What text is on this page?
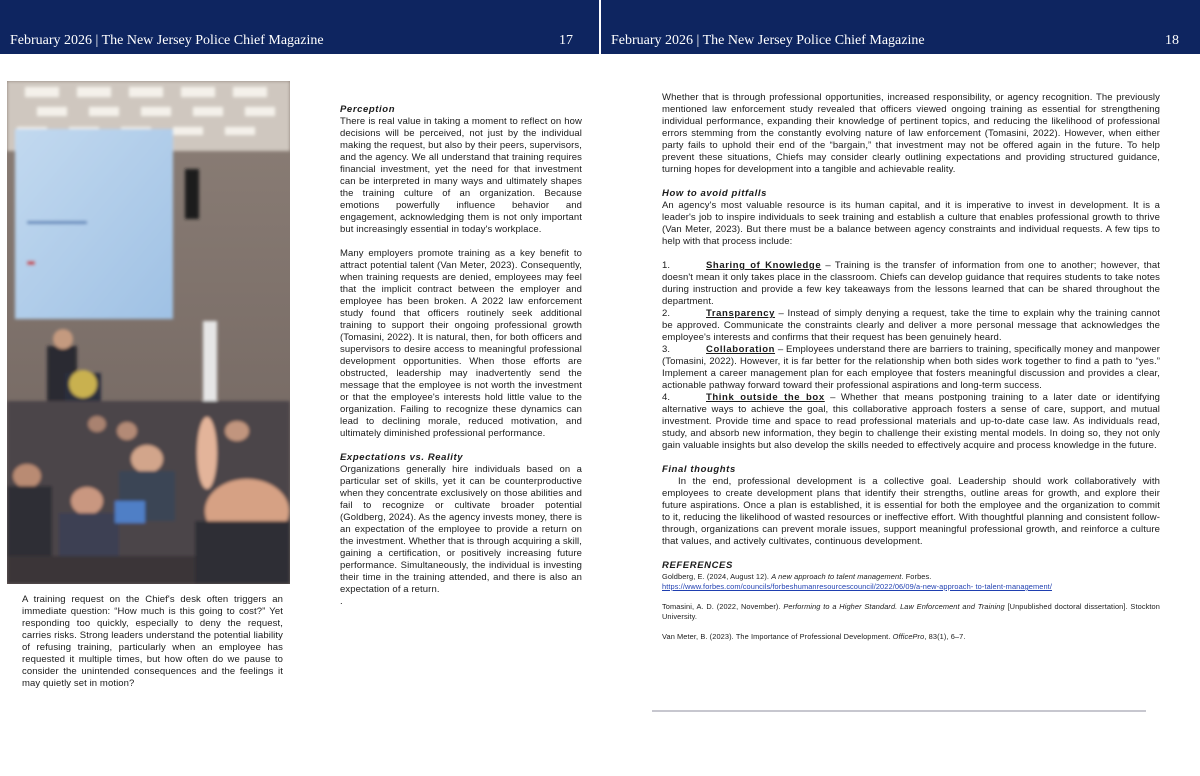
February 2026 | The New Jersey Police Chief Magazine	17	February 2026 | The New Jersey Police Chief Magazine	18

A training request on the Chief's desk often triggers an immediate question: “How much is this going to cost?” Yet responding too quickly, especially to deny the request, carries risks. Strong leaders understand the potential liability of refusing training, particularly when an employee has requested it multiple times, but how often do we pause to consider the unintended consequences and the feelings it may quietly set in motion?

Perception

There is real value in taking a moment to reflect on how decisions will be perceived, not just by the individual making the request, but also by their peers, supervisors, and the agency. We all understand that training requires financial investment, yet the need for that investment can be interpreted in many ways and ultimately shapes the training culture of an organization. Because emotions powerfully influence behavior and engagement, acknowledging them is not only important but increasingly essential in today's workplace.

Many employers promote training as a key benefit to attract potential talent (Van Meter, 2023). Consequently, when training requests are denied, employees may feel that the implicit contract between the employer and employee has been broken. A 2022 law enforcement study found that officers routinely seek additional training to support their ongoing professional growth (Tomasini, 2022). It is natural, then, for both officers and supervisors to desire access to meaningful professional development opportunities. When those efforts are obstructed, leadership may inadvertently send the message that the employee is not worth the investment or that the employee's interests hold little value to the organization. Failing to recognize these dynamics can lead to declining morale, reduced motivation, and ultimately diminished professional performance.

Expectations vs. Reality

Organizations generally hire individuals based on a particular set of skills, yet it can be counterproductive when they concentrate exclusively on those abilities and fail to recognize or cultivate broader potential (Goldberg, 2024). As the agency invests money, there is an expectation of the employee to provide a return on the investment. Whether that is through acquiring a skill, gaining a certification, or positively increasing future performance. Simultaneously, the individual is investing their time in the training attended, and there is also an expectation of a return.

.

Whether that is through professional opportunities, increased responsibility, or agency recognition. The previously mentioned law enforcement study revealed that officers viewed ongoing training as essential for strengthening individual performance, expanding their knowledge of pertinent topics, and reducing the likelihood of professional errors stemming from the constantly evolving nature of law enforcement (Tomasini, 2022). However, when either party fails to uphold their end of the “bargain,” that investment may not be offered again in the future. To help prevent these situations, Chiefs may consider clearly outlining expectations and providing structured guidance, turning hopes for development into a tangible and achievable reality.

How to avoid pitfalls

An agency's most valuable resource is its human capital, and it is imperative to invest in development. It is a leader's job to inspire individuals to seek training and establish a culture that enables professional growth to thrive (Van Meter, 2023). But there must be a balance between agency constraints and individual requests. A few tips to help with that process include:

1.	Sharing of Knowledge – Training is the transfer of information from one to another; however, that doesn't mean it only takes place in the classroom. Chiefs can develop guidance that requires students to take notes during instruction and provide a few key takeaways from the lessons learned that can be shared throughout the department.

2.	Transparency – Instead of simply denying a request, take the time to explain why the training cannot be approved. Communicate the constraints clearly and deliver a more personal message that acknowledges the employee's interests and confirms that their request has been genuinely heard.

3.	Collaboration – Employees understand there are barriers to training, specifically money and manpower (Tomasini, 2022). However, it is far better for the relationship when both sides work together to find a path to “yes.” Implement a career management plan for each employee that fosters meaningful discussion and provides a clear, actionable pathway forward toward their professional aspirations and long-term success.

4.	Think outside the box – Whether that means postponing training to a later date or identifying alternative ways to achieve the goal, this collaborative approach fosters a sense of care, support, and mutual investment. Provide time and space to read professional materials and up-to-date case law. As individuals read, study, and absorb new information, they begin to challenge their existing mental models. In doing so, they not only gain valuable insights but also develop the skills needed to effectively acquire and process knowledge in the future.

Final thoughts

In the end, professional development is a collective goal. Leadership should work collaboratively with employees to create development plans that identify their strengths, outline areas for growth, and explore their future aspirations. Once a plan is established, it is essential for both the employee and the organization to commit to it, reducing the likelihood of wasted resources or ineffective effort. With thoughtful planning and consistent follow-through, organizations can prevent morale issues, support meaningful professional growth, and reinforce a culture that values, and actively cultivates, continuous development.

REFERENCES

Goldberg, E. (2024, August 12). A new approach to talent management. Forbes.
https://www.forbes.com/councils/forbeshumanresourcescouncil/2022/06/09/a-new-approach- to-talent-management/

Tomasini, A. D. (2022, November). Performing to a Higher Standard. Law Enforcement and Training [Unpublished doctoral dissertation]. Stockton University.

Van Meter, B. (2023). The Importance of Professional Development. OfficePro, 83(1), 6–7.
